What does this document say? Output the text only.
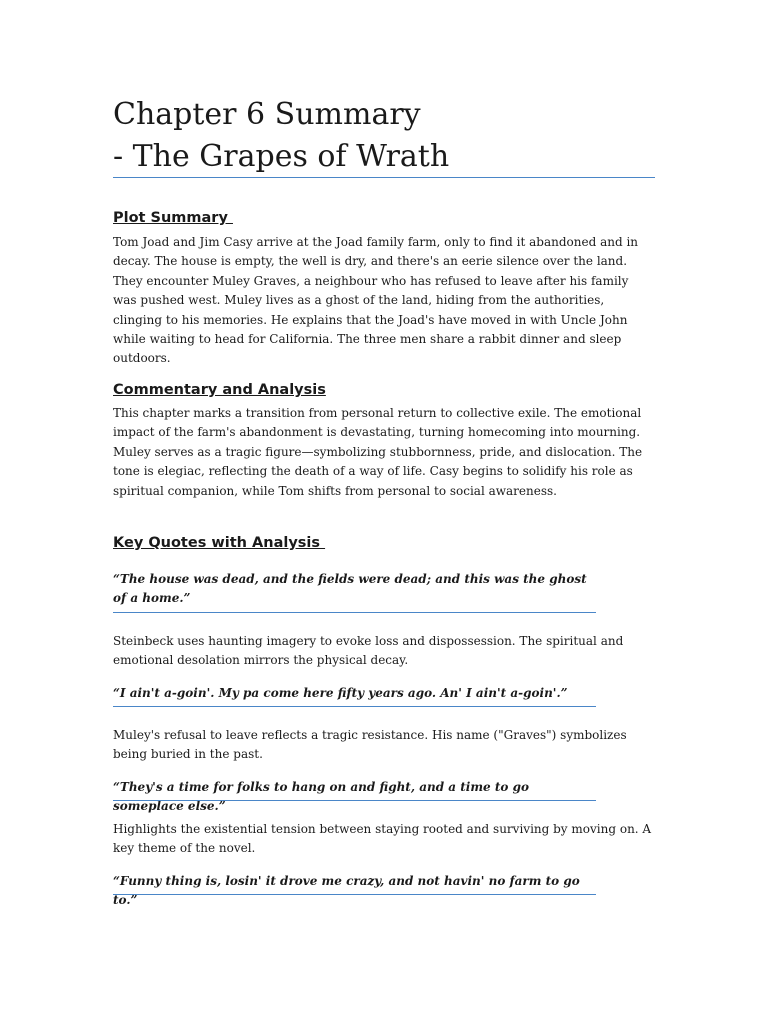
Chapter 6 Summary
- The Grapes of Wrath
Plot Summary

Tom Joad and Jim Casy arrive at the Joad family farm, only to find it abandoned and in decay. The house is empty, the well is dry, and there's an eerie silence over the land. They encounter Muley Graves, a neighbour who has refused to leave after his family was pushed west. Muley lives as a ghost of the land, hiding from the authorities, clinging to his memories. He explains that the Joad's have moved in with Uncle John while waiting to head for California. The three men share a rabbit dinner and sleep outdoors.

Commentary and Analysis

This chapter marks a transition from personal return to collective exile. The emotional impact of the farm's abandonment is devastating, turning homecoming into mourning. Muley serves as a tragic figure—symbolizing stubbornness, pride, and dislocation. The tone is elegiac, reflecting the death of a way of life. Casy begins to solidify his role as spiritual companion, while Tom shifts from personal to social awareness.

Key Quotes with Analysis

“The house was dead, and the fields were dead; and this was the ghost of a home.”

Steinbeck uses haunting imagery to evoke loss and dispossession. The spiritual and emotional desolation mirrors the physical decay.

“I ain't a-goin'. My pa come here fifty years ago. An' I ain't a-goin'.”

Muley's refusal to leave reflects a tragic resistance. His name ("Graves") symbolizes being buried in the past.

“They's a time for folks to hang on and fight, and a time to go someplace else.”

Highlights the existential tension between staying rooted and surviving by moving on. A key theme of the novel.

“Funny thing is, losin' it drove me crazy, and not havin' no farm to go to.”
